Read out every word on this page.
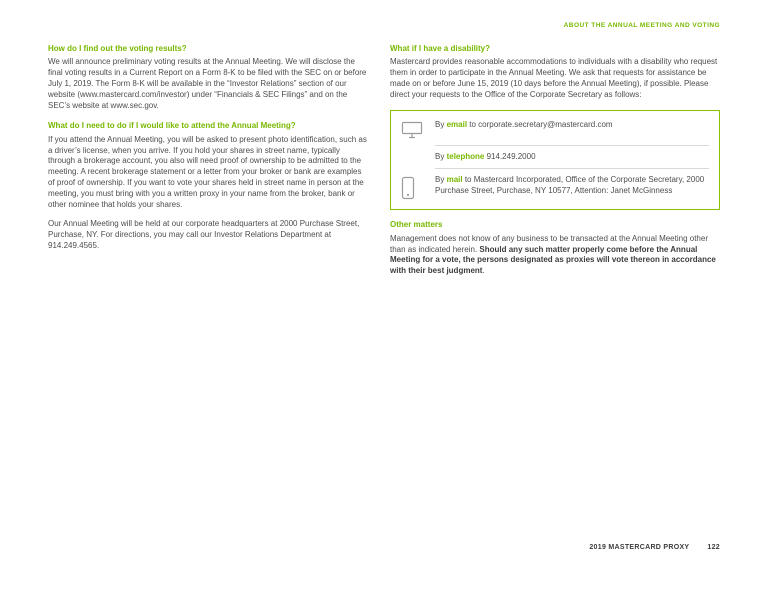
ABOUT THE ANNUAL MEETING AND VOTING
How do I find out the voting results?

We will announce preliminary voting results at the Annual Meeting. We will disclose the final voting results in a Current Report on a Form 8-K to be filed with the SEC on or before July 1, 2019. The Form 8-K will be available in the “Investor Relations” section of our website (www.mastercard.com/investor) under “Financials & SEC Filings” and on the SEC’s website at www.sec.gov.

What do I need to do if I would like to attend the Annual Meeting?

If you attend the Annual Meeting, you will be asked to present photo identification, such as a driver’s license, when you arrive. If you hold your shares in street name, typically through a brokerage account, you also will need proof of ownership to be admitted to the meeting. A recent brokerage statement or a letter from your broker or bank are examples of proof of ownership. If you want to vote your shares held in street name in person at the meeting, you must bring with you a written proxy in your name from the broker, bank or other nominee that holds your shares.

Our Annual Meeting will be held at our corporate headquarters at 2000 Purchase Street, Purchase, NY. For directions, you may call our Investor Relations Department at 914.249.4565.

What if I have a disability?

Mastercard provides reasonable accommodations to individuals with a disability who request them in order to participate in the Annual Meeting. We ask that requests for assistance be made on or before June 15, 2019 (10 days before the Annual Meeting), if possible. Please direct your requests to the Office of the Corporate Secretary as follows:

By email to corporate.secretary@mastercard.com
By telephone 914.249.2000
By mail to Mastercard Incorporated, Office of the Corporate Secretary, 2000 Purchase Street, Purchase, NY 10577, Attention: Janet McGinness
Other matters

Management does not know of any business to be transacted at the Annual Meeting other than as indicated herein. Should any such matter properly come before the Annual Meeting for a vote, the persons designated as proxies will vote thereon in accordance with their best judgment.

2019 MASTERCARD PROXY	122
